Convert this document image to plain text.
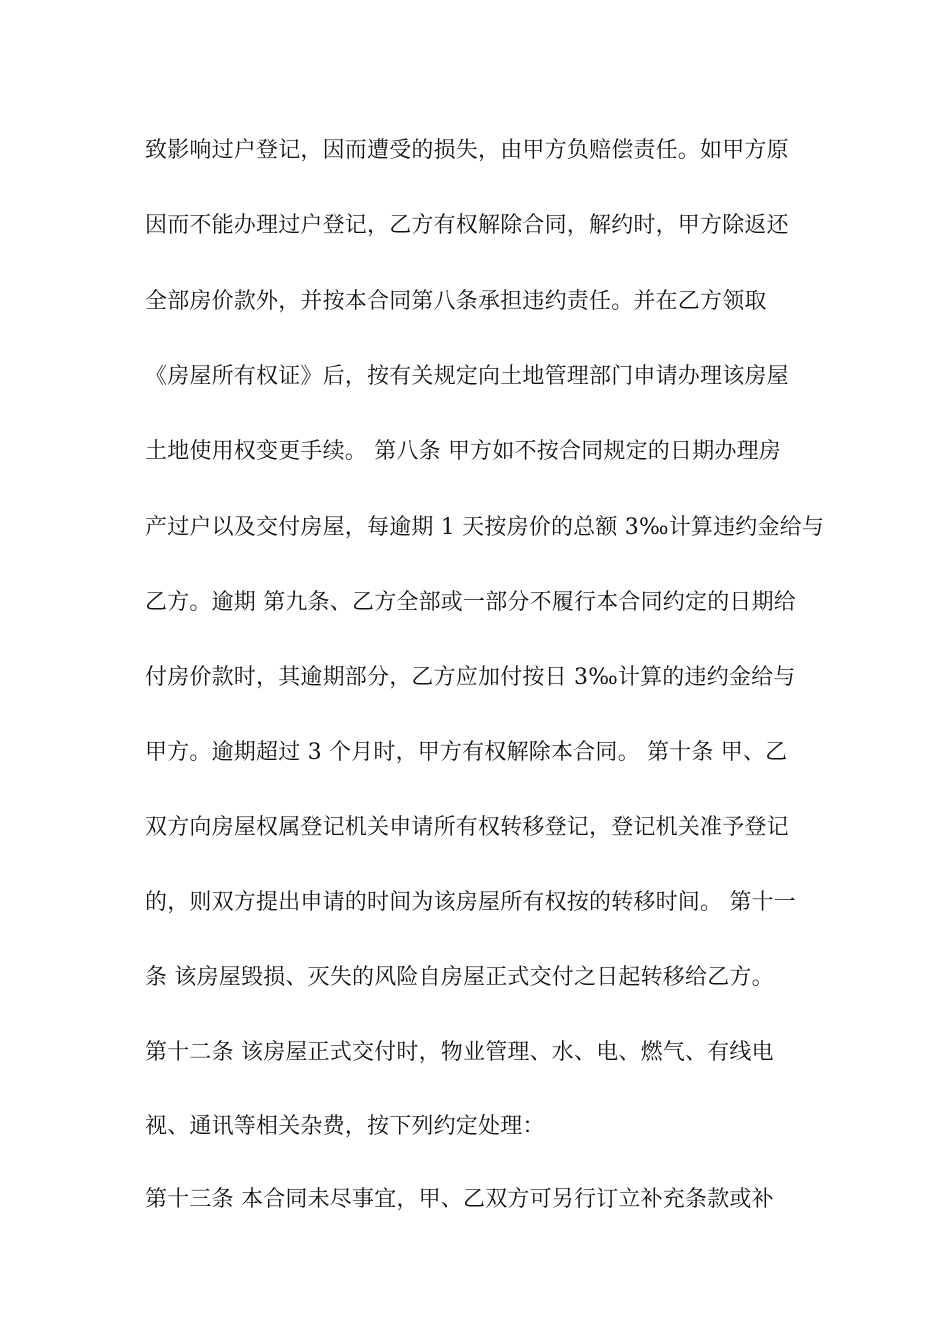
致影响过户登记，因而遭受的损失，由甲方负赔偿责任。如甲方原
因而不能办理过户登记，乙方有权解除合同，解约时，甲方除返还
全部房价款外，并按本合同第八条承担违约责任。并在乙方领取
《房屋所有权证》后，按有关规定向土地管理部门申请办理该房屋
土地使用权变更手续。 第八条 甲方如不按合同规定的日期办理房
产过户以及交付房屋，每逾期 1 天按房价的总额 3‰计算违约金给与
乙方。逾期 第九条、乙方全部或一部分不履行本合同约定的日期给
付房价款时，其逾期部分，乙方应加付按日 3‰计算的违约金给与
甲方。逾期超过 3 个月时，甲方有权解除本合同。 第十条 甲、乙
双方向房屋权属登记机关申请所有权转移登记，登记机关准予登记
的，则双方提出申请的时间为该房屋所有权按的转移时间。 第十一
条 该房屋毁损、灭失的风险自房屋正式交付之日起转移给乙方。
第十二条 该房屋正式交付时，物业管理、水、电、燃气、有线电
视、通讯等相关杂费，按下列约定处理：
第十三条 本合同未尽事宜，甲、乙双方可另行订立补充条款或补
